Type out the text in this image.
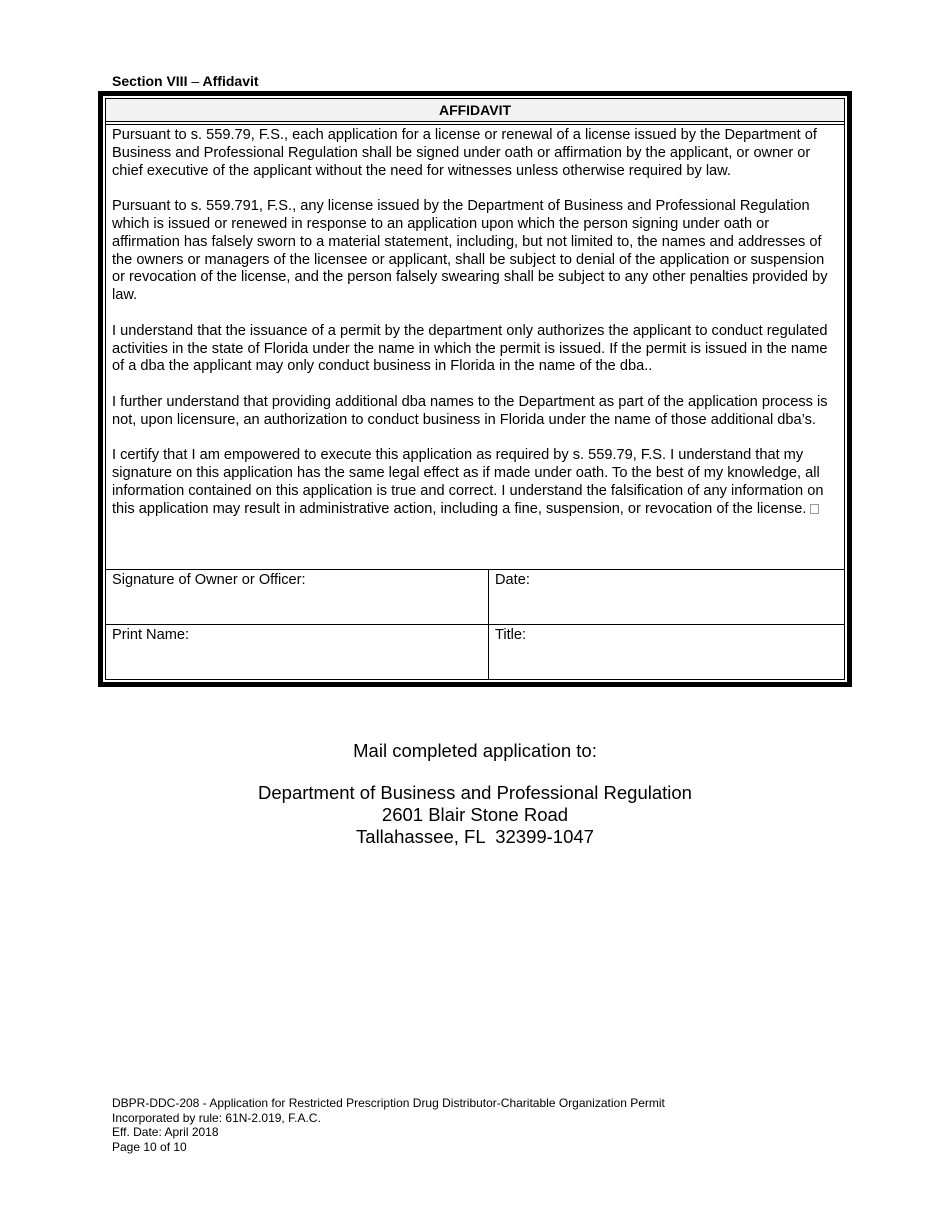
Section VIII – Affidavit
AFFIDAVIT

Pursuant to s. 559.79, F.S., each application for a license or renewal of a license issued by the Department of Business and Professional Regulation shall be signed under oath or affirmation by the applicant, or owner or chief executive of the applicant without the need for witnesses unless otherwise required by law.

Pursuant to s. 559.791, F.S., any license issued by the Department of Business and Professional Regulation which is issued or renewed in response to an application upon which the person signing under oath or affirmation has falsely sworn to a material statement, including, but not limited to, the names and addresses of the owners or managers of the licensee or applicant, shall be subject to denial of the application or suspension or revocation of the license, and the person falsely swearing shall be subject to any other penalties provided by law.

I understand that the issuance of a permit by the department only authorizes the applicant to conduct regulated activities in the state of Florida under the name in which the permit is issued. If the permit is issued in the name of a dba the applicant may only conduct business in Florida in the name of the dba..

I further understand that providing additional dba names to the Department as part of the application process is not, upon licensure, an authorization to conduct business in Florida under the name of those additional dba’s.

I certify that I am empowered to execute this application as required by s. 559.79, F.S. I understand that my signature on this application has the same legal effect as if made under oath. To the best of my knowledge, all information contained on this application is true and correct. I understand the falsification of any information on this application may result in administrative action, including a fine, suspension, or revocation of the license.

Signature of Owner or Officer:	Date:
Print Name:	Title:
Mail completed application to:
Department of Business and Professional Regulation
2601 Blair Stone Road
Tallahassee, FL  32399-1047
DBPR-DDC-208 - Application for Restricted Prescription Drug Distributor-Charitable Organization Permit
Incorporated by rule: 61N-2.019, F.A.C.
Eff. Date: April 2018
Page 10 of 10
